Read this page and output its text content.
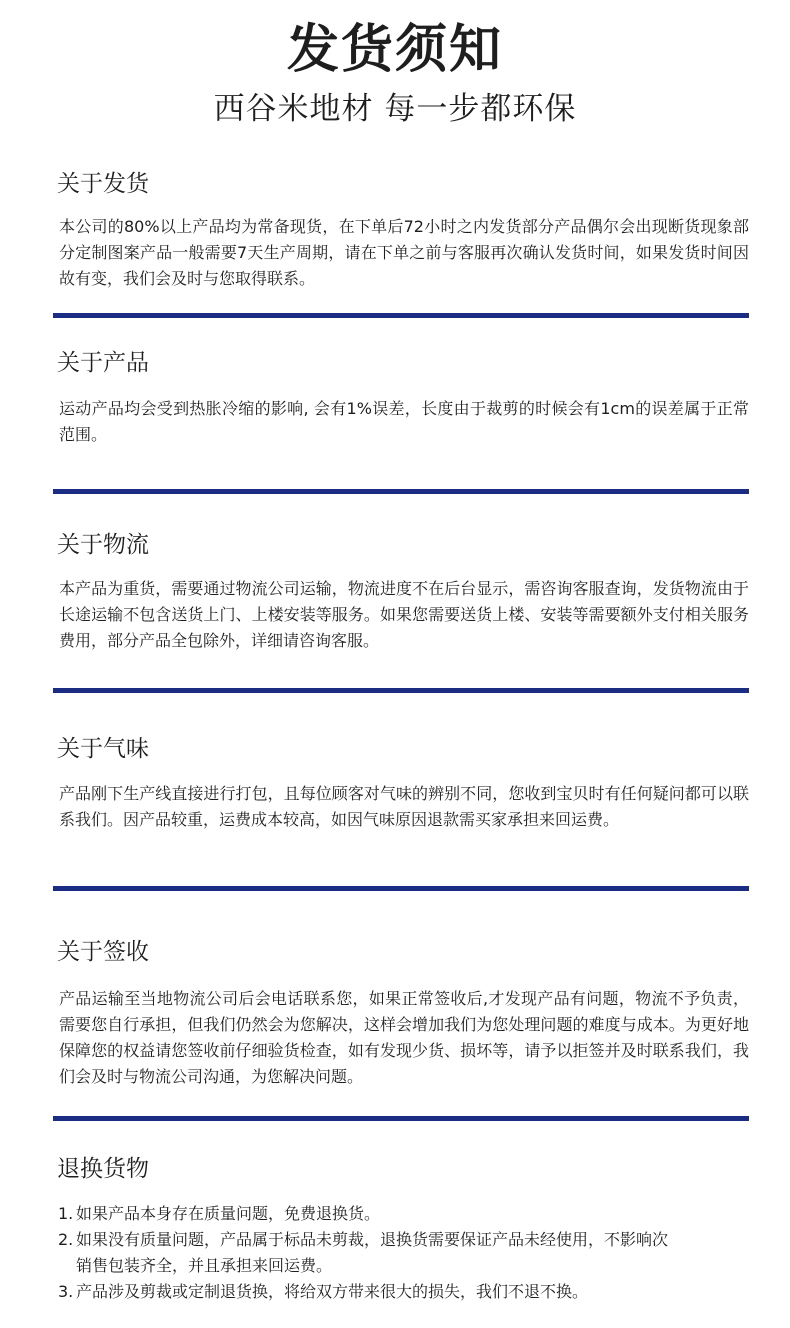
发货须知
西谷米地材 每一步都环保
关于发货
本公司的80%以上产品均为常备现货，在下单后72小时之内发货部分产品偶尔会出现断货现象部分定制图案产品一般需要7天生产周期，请在下单之前与客服再次确认发货时间，如果发货时间因故有变，我们会及时与您取得联系。
关于产品
运动产品均会受到热胀冷缩的影响, 会有1%误差，长度由于裁剪的时候会有1cm的误差属于正常范围。
关于物流
本产品为重货，需要通过物流公司运输，物流进度不在后台显示，需咨询客服查询，发货物流由于长途运输不包含送货上门、上楼安装等服务。如果您需要送货上楼、安装等需要额外支付相关服务费用，部分产品全包除外，详细请咨询客服。
关于气味
产品刚下生产线直接进行打包，且每位顾客对气味的辨别不同，您收到宝贝时有任何疑问都可以联系我们。因产品较重，运费成本较高，如因气味原因退款需买家承担来回运费。
关于签收
产品运输至当地物流公司后会电话联系您，如果正常签收后,才发现产品有问题，物流不予负责，需要您自行承担，但我们仍然会为您解决，这样会增加我们为您处理问题的难度与成本。为更好地保障您的权益请您签收前仔细验货检查，如有发现少货、损坏等，请予以拒签并及时联系我们，我们会及时与物流公司沟通，为您解决问题。
退换货物
1. 如果产品本身存在质量问题，免费退换货。
2. 如果没有质量问题，产品属于标品未剪裁，退换货需要保证产品未经使用，不影响次
销售包装齐全，并且承担来回运费。
3. 产品涉及剪裁或定制退货换，将给双方带来很大的损失，我们不退不换。
